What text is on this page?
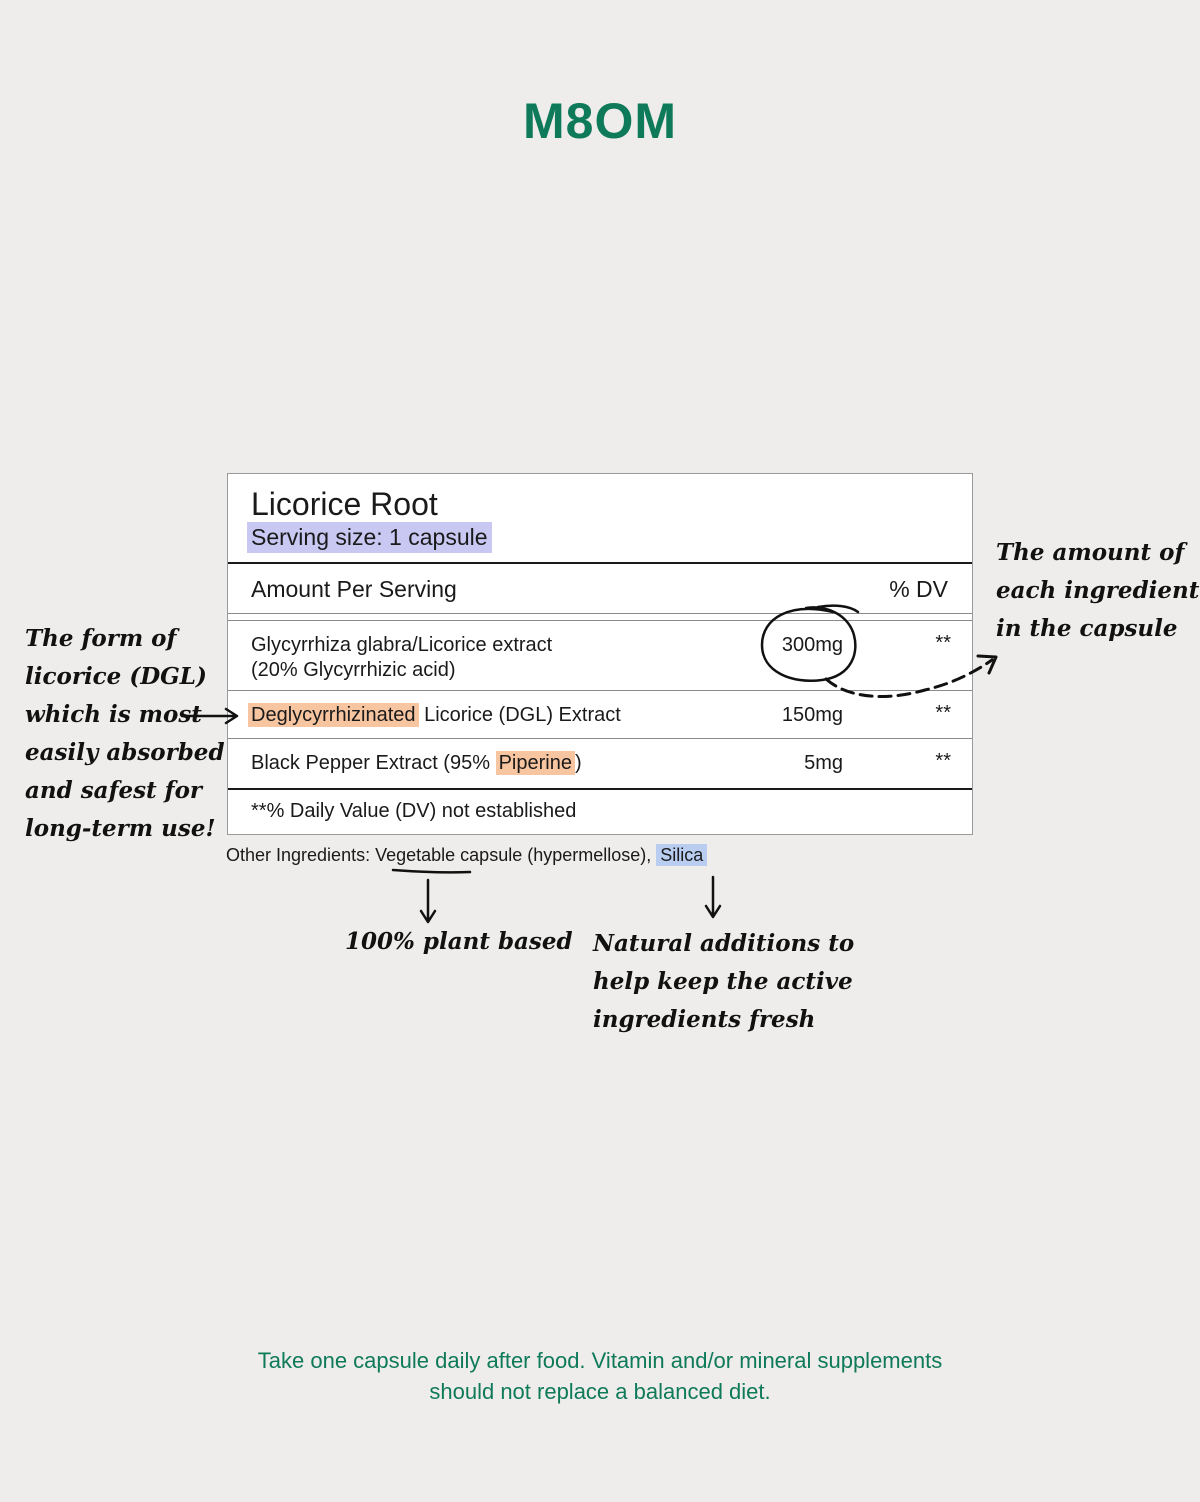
M8OM
Licorice Root
Serving size: 1 capsule
Amount Per Serving	% DV
Glycyrrhiza glabra/Licorice extract
(20% Glycyrrhizic acid)
300mg	**
Deglycyrrhizinated Licorice (DGL) Extract	150mg	**
Black Pepper Extract (95% Piperine )	5mg	**
**% Daily Value (DV) not established
Other Ingredients: Vegetable capsule (hypermellose), Silica
The form of
licorice (DGL)
which is most
easily absorbed
and safest for
long-term use!
The amount of
each ingredient
in the capsule
100% plant based Natural additions to
help keep the active
ingredients fresh
Take one capsule daily after food. Vitamin and/or mineral supplements
should not replace a balanced diet.
